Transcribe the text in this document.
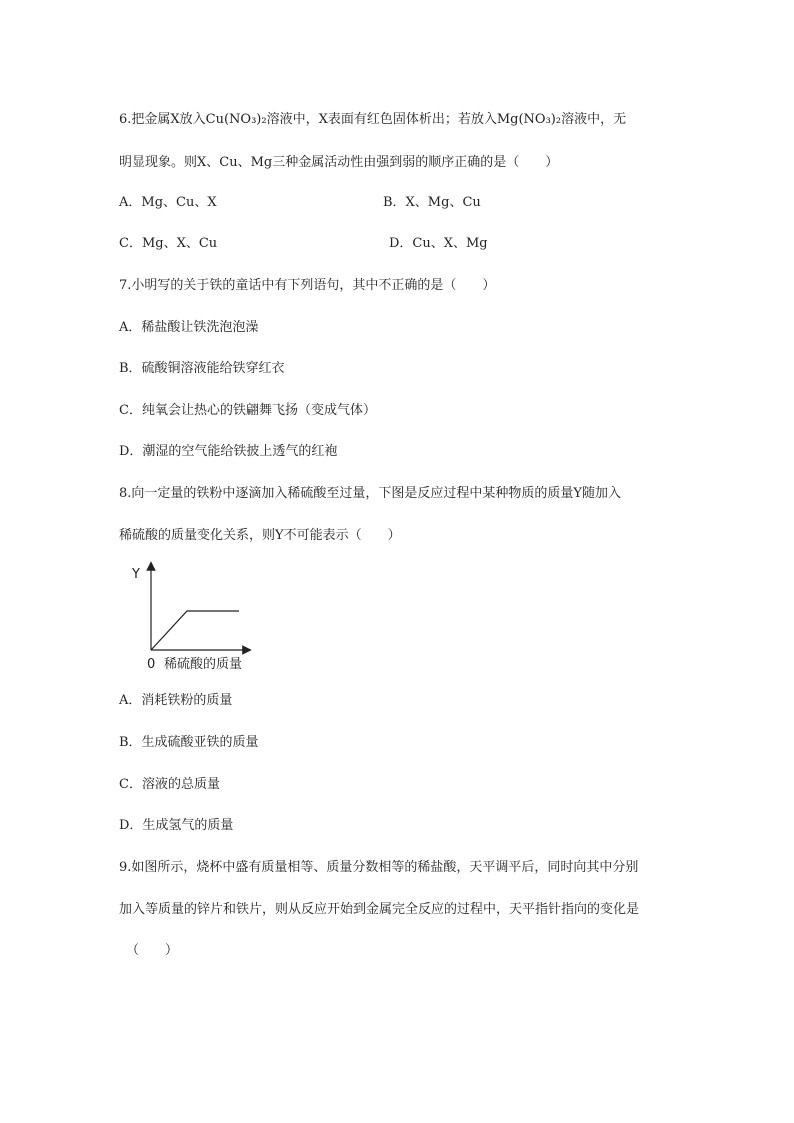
6.把金属X放入Cu(NO₃)₂溶液中，X表面有红色固体析出；若放入Mg(NO₃)₂溶液中，无

明显现象。则X、Cu、Mg三种金属活动性由强到弱的顺序正确的是（　　）

A．Mg、Cu、X	B．X、Mg、Cu

C．Mg、X、Cu	D．Cu、X、Mg

7.小明写的关于铁的童话中有下列语句，其中不正确的是（　　）

A．稀盐酸让铁洗泡泡澡

B．硫酸铜溶液能给铁穿红衣

C．纯氧会让热心的铁翩舞飞扬（变成气体）

D．潮湿的空气能给铁披上透气的红袍

8.向一定量的铁粉中逐滴加入稀硫酸至过量，下图是反应过程中某种物质的质量Y随加入

稀硫酸的质量变化关系，则Y不可能表示（　　）

Y
0 稀硫酸的质量

A．消耗铁粉的质量

B．生成硫酸亚铁的质量

C．溶液的总质量

D．生成氢气的质量

9.如图所示，烧杯中盛有质量相等、质量分数相等的稀盐酸，天平调平后，同时向其中分别

加入等质量的锌片和铁片，则从反应开始到金属完全反应的过程中，天平指针指向的变化是

（　　）
